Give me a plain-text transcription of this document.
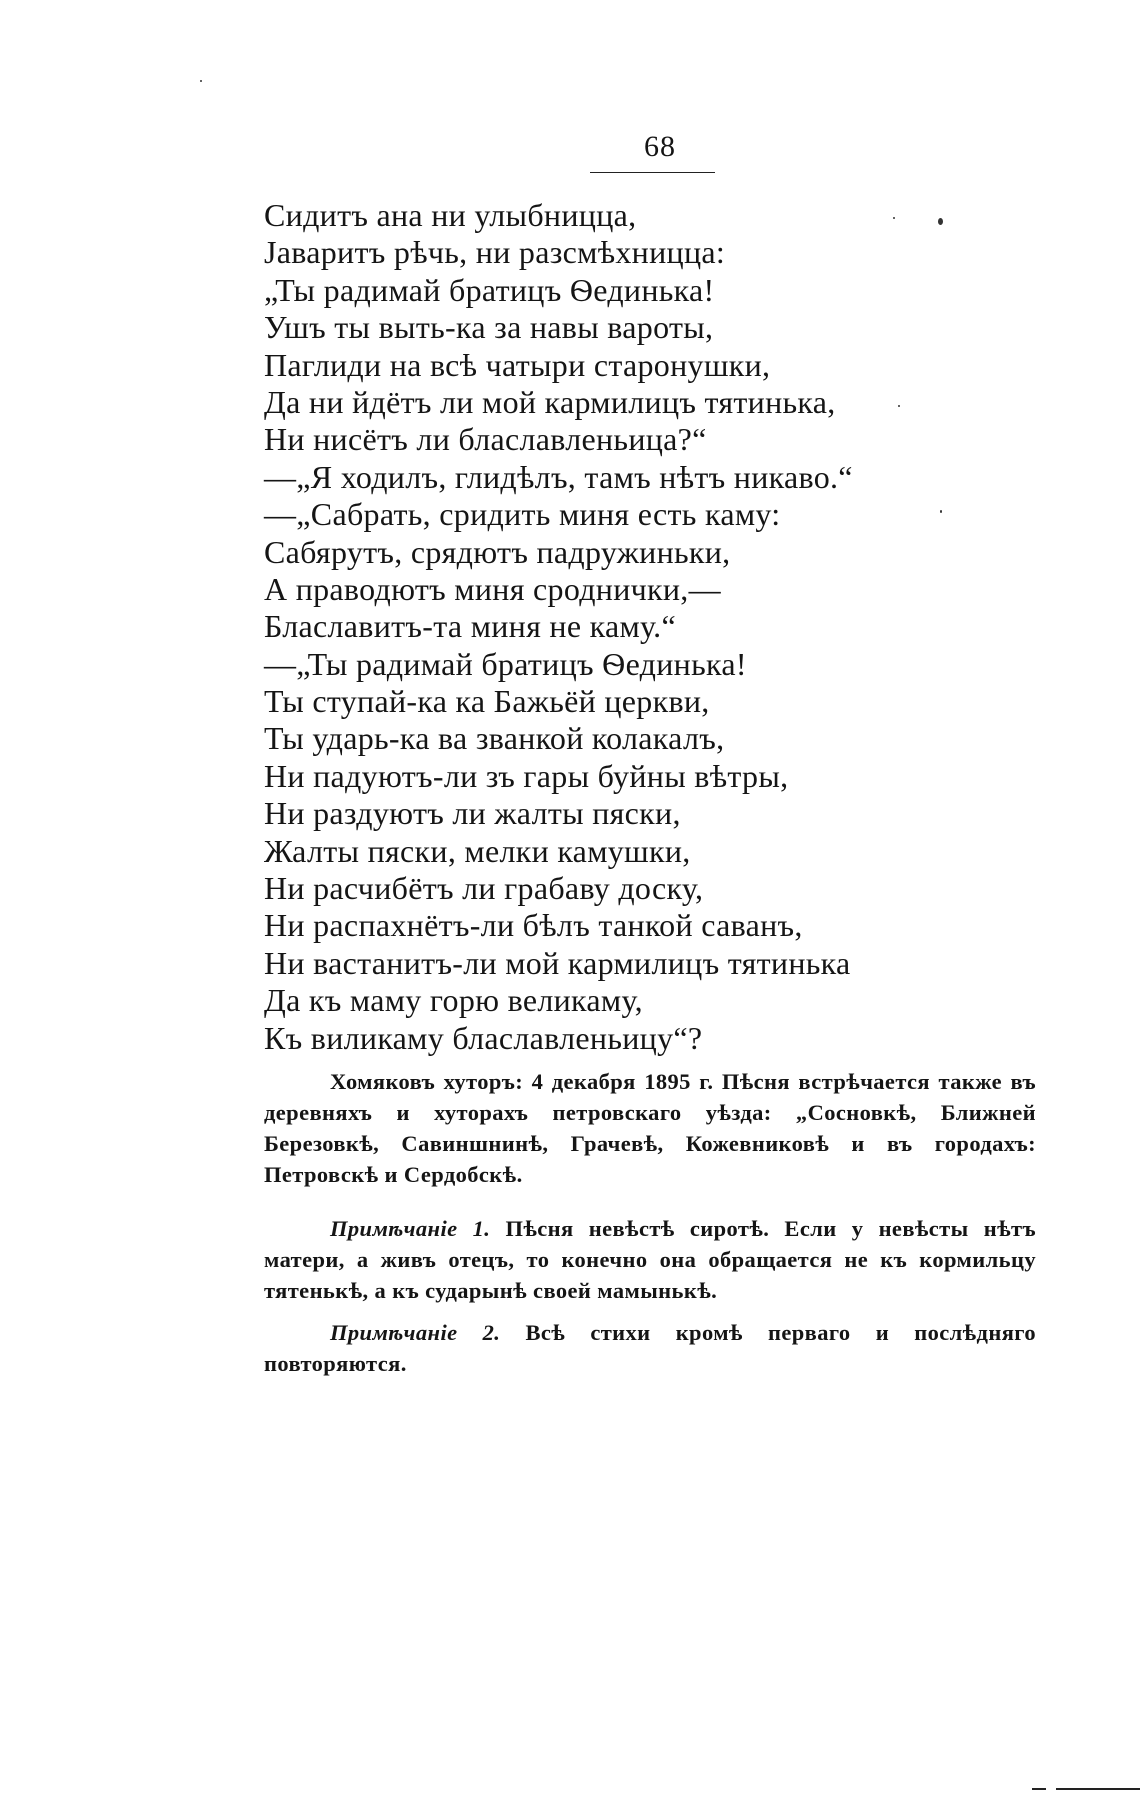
68
Сидитъ ана ни улыбницца,
Јаваритъ рѣчь, ни разсмѣхницца:
„Ты радимай братицъ Ѳединька!
Ушъ ты выть-ка за навы вароты,
Паглиди на всѣ чатыри старонушки,
Да ни йдётъ ли мой кармилицъ тятинька,
Ни нисётъ ли блаславленьица?“
—„Я ходилъ, глидѣлъ, тамъ нѣтъ никаво.“
—„Сабрать, сридить миня есть каму:
Сабярутъ, срядютъ падружиньки,
А праводютъ миня сроднички,—
Блаславитъ-та миня не каму.“
—„Ты радимай братицъ Ѳединька!
Ты ступай-ка ка Бажьёй церкви,
Ты ударь-ка ва званкой колакалъ,
Ни падуютъ-ли зъ гары буйны вѣтры,
Ни раздуютъ ли жалты пяски,
Жалты пяски, мелки камушки,
Ни расчибётъ ли грабаву доску,
Ни распахнётъ-ли бѣлъ танкой саванъ,
Ни вастанитъ-ли мой кармилицъ тятинька
Да къ маму горю великаму,
Къ виликаму блаславленьицу“?

Хомяковъ хуторъ: 4 декабря 1895 г. Пѣсня встрѣчается также въ деревняхъ и хуторахъ петровскаго уѣзда: „Сосновкѣ, Ближней Березовкѣ, Савиншнинѣ, Грачевѣ, Кожевниковѣ и въ городахъ: Петровскѣ и Сердобскѣ.

Примѣчаніе 1. Пѣсня невѣстѣ сиротѣ. Если у невѣсты нѣтъ матери, а живъ отецъ, то конечно она обращается не къ кормильцу тятенькѣ, а къ сударынѣ своей мамынькѣ.

Примѣчаніе 2. Всѣ стихи кромѣ перваго и послѣдняго повторяются.
